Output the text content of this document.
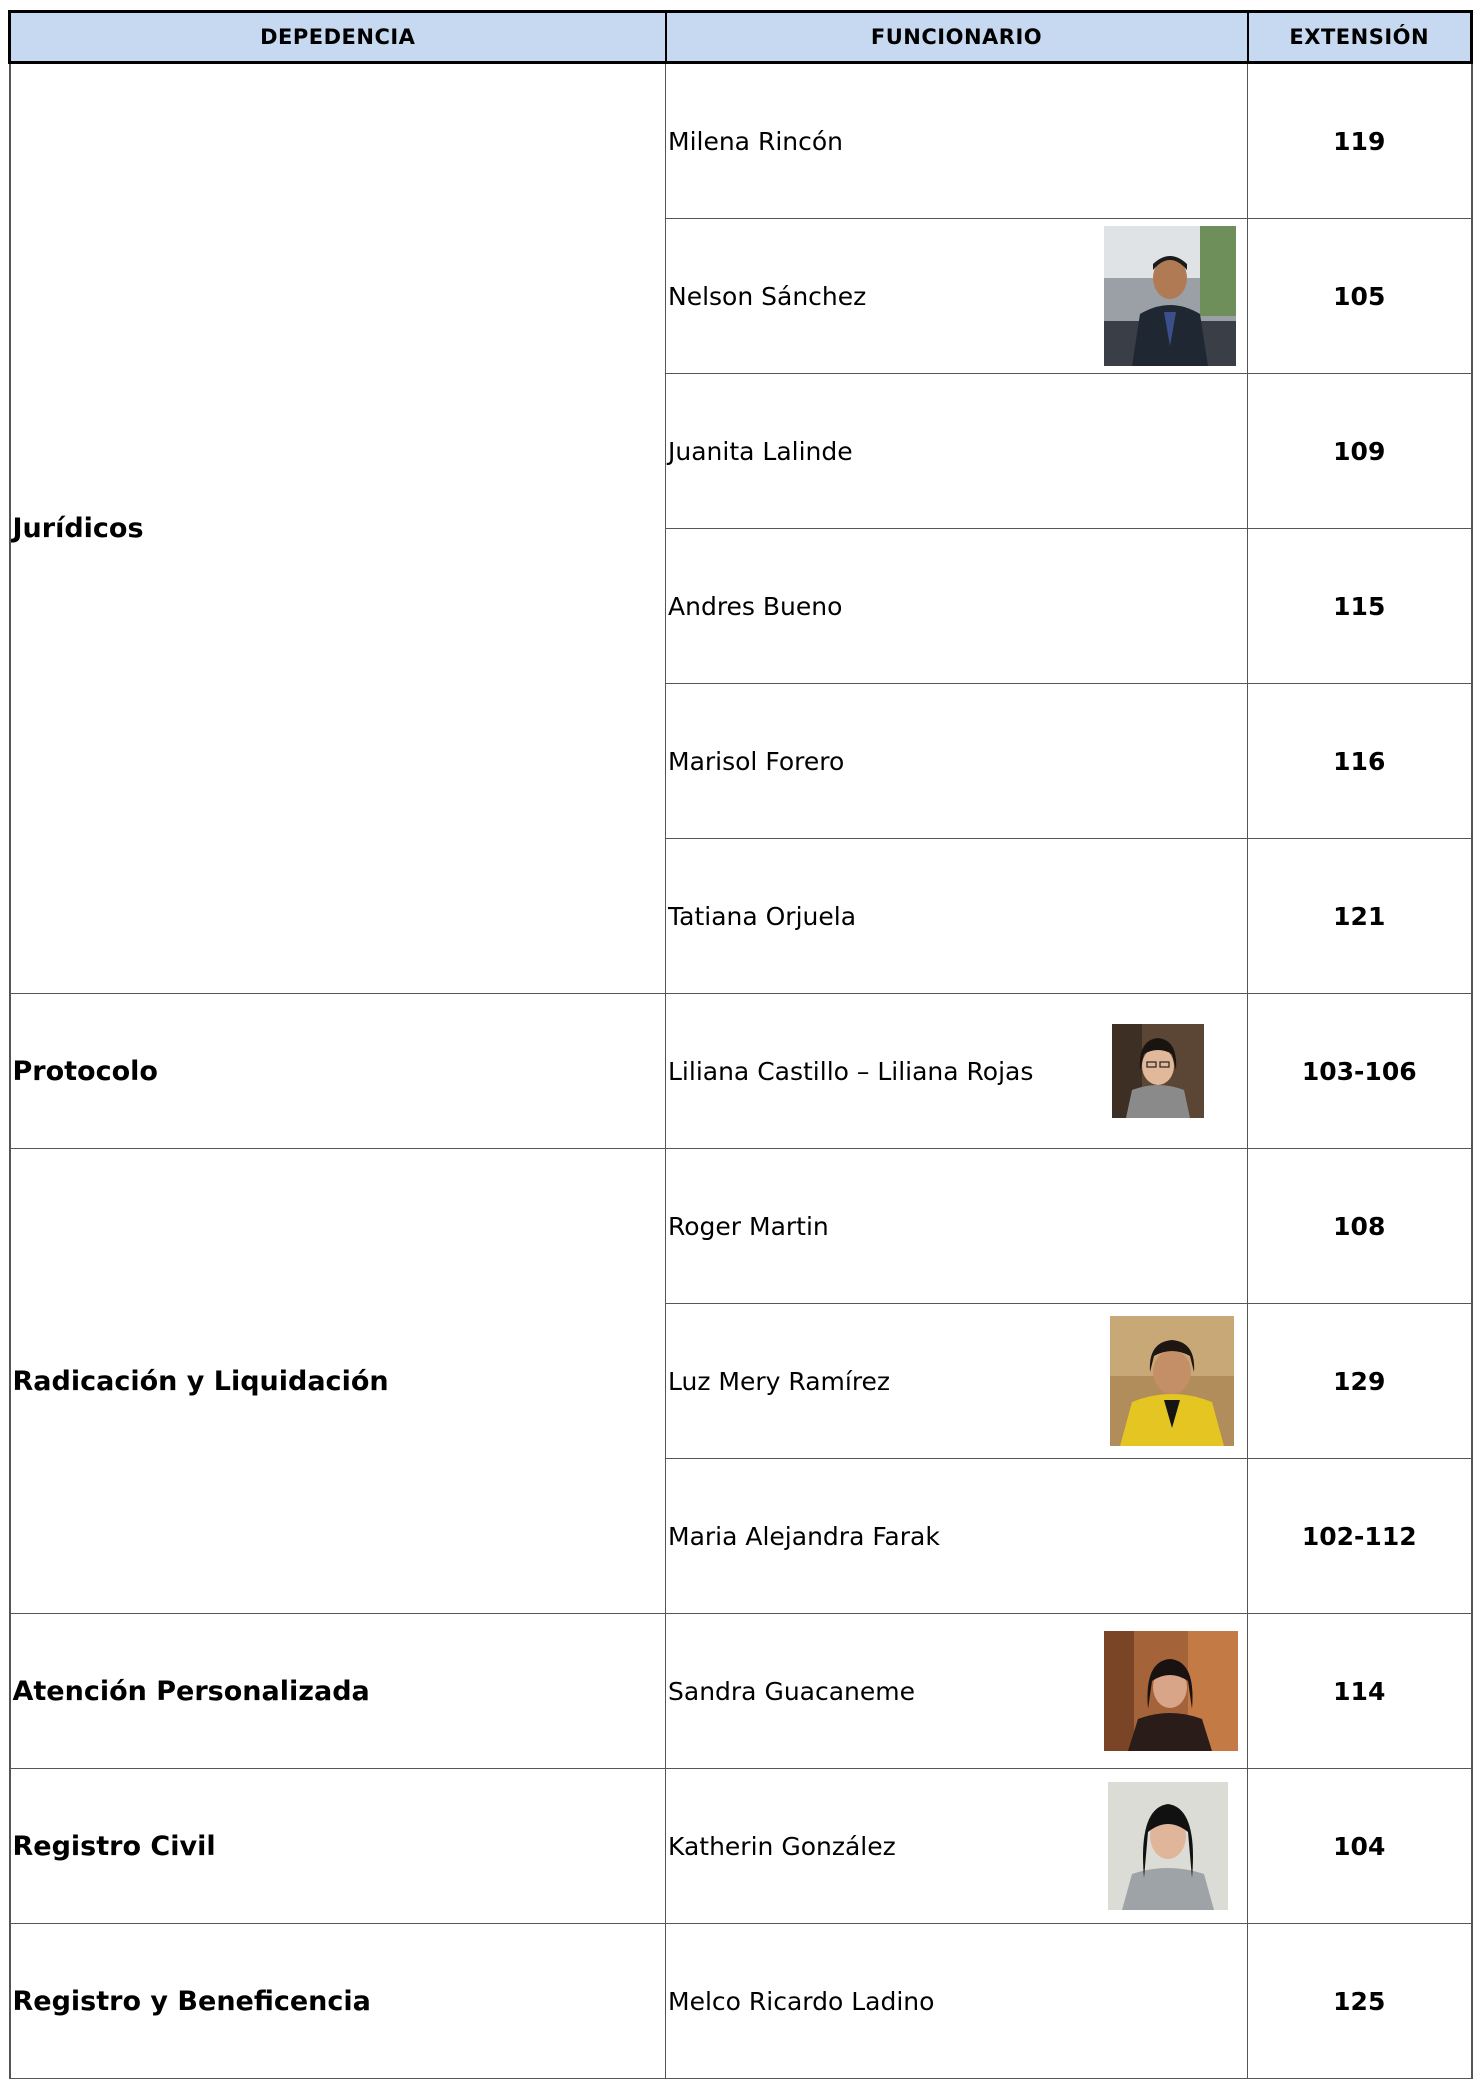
DEPEDENCIA	FUNCIONARIO	EXTENSIÓN
Jurídicos	Milena Rincón	119
	Nelson Sánchez	105
	Juanita Lalinde	109
	Andres Bueno	115
	Marisol Forero	116
	Tatiana Orjuela	121
Protocolo	Liliana Castillo – Liliana Rojas	103-106
Radicación y Liquidación	Roger Martin	108
	Luz Mery Ramírez	129
	Maria Alejandra Farak	102-112
Atención Personalizada	Sandra Guacaneme	114
Registro Civil	Katherin González	104
Registro y Beneficencia	Melco Ricardo Ladino	125
